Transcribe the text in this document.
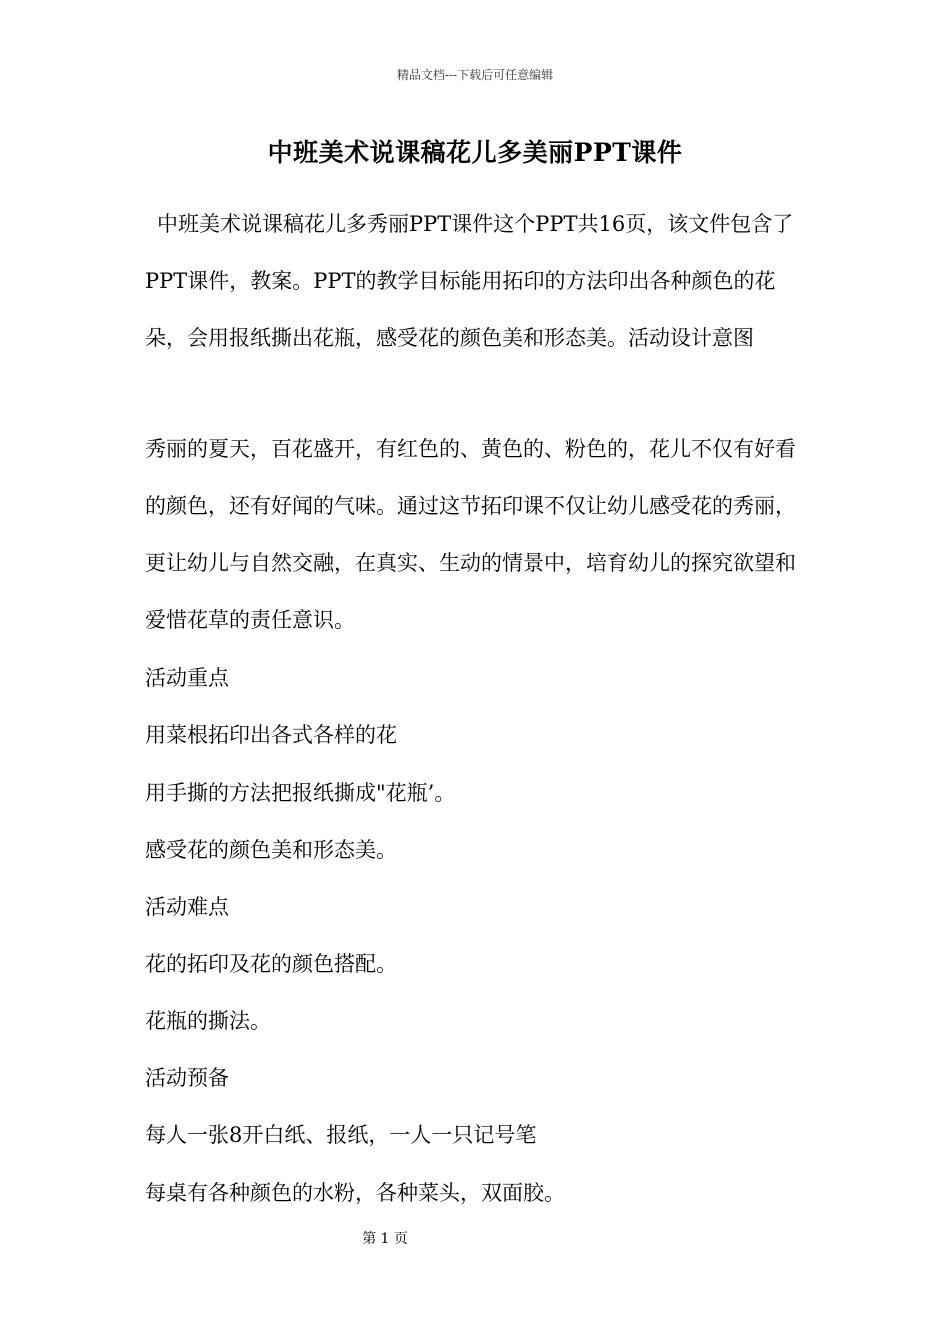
精品文档---下载后可任意编辑
中班美术说课稿花儿多美丽PPT课件
中班美术说课稿花儿多秀丽PPT课件这个PPT共16页，该文件包含了PPT课件，教案。PPT的教学目标能用拓印的方法印出各种颜色的花朵，会用报纸撕出花瓶，感受花的颜色美和形态美。活动设计意图
秀丽的夏天，百花盛开，有红色的、黄色的、粉色的，花儿不仅有好看的颜色，还有好闻的气味。通过这节拓印课不仅让幼儿感受花的秀丽，更让幼儿与自然交融，在真实、生动的情景中，培育幼儿的探究欲望和爱惜花草的责任意识。
活动重点
用菜根拓印出各式各样的花
用手撕的方法把报纸撕成"花瓶’。
感受花的颜色美和形态美。
活动难点
花的拓印及花的颜色搭配。
花瓶的撕法。
活动预备
每人一张8开白纸、报纸，一人一只记号笔
每桌有各种颜色的水粉，各种菜头，双面胶。
第 1 页
